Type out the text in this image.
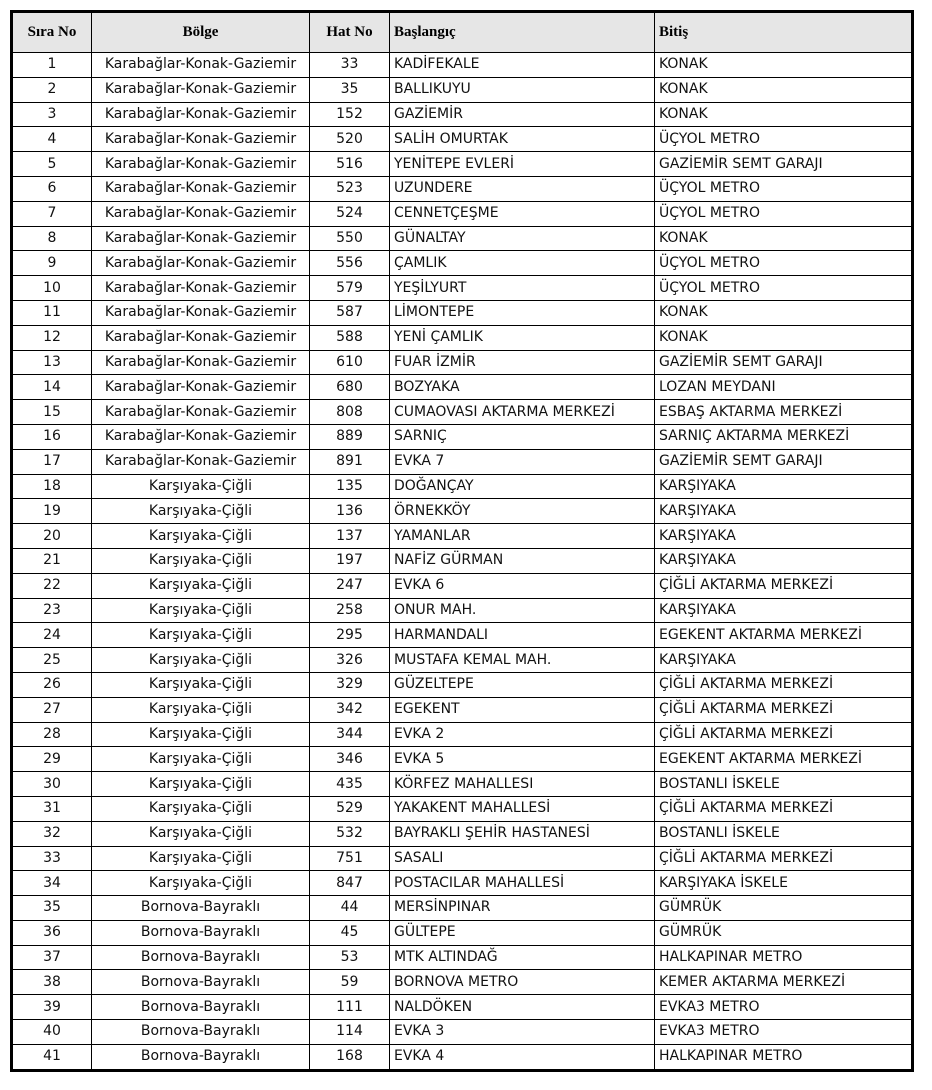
Sıra No	Bölge	Hat No	Başlangıç	Bitiş
1	Karabağlar-Konak-Gaziemir	33	KADİFEKALE	KONAK
2	Karabağlar-Konak-Gaziemir	35	BALLIKUYU	KONAK
3	Karabağlar-Konak-Gaziemir	152	GAZİEMİR	KONAK
4	Karabağlar-Konak-Gaziemir	520	SALİH OMURTAK	ÜÇYOL METRO
5	Karabağlar-Konak-Gaziemir	516	YENİTEPE EVLERİ	GAZİEMİR SEMT GARAJI
6	Karabağlar-Konak-Gaziemir	523	UZUNDERE	ÜÇYOL METRO
7	Karabağlar-Konak-Gaziemir	524	CENNETÇEŞME	ÜÇYOL METRO
8	Karabağlar-Konak-Gaziemir	550	GÜNALTAY	KONAK
9	Karabağlar-Konak-Gaziemir	556	ÇAMLIK	ÜÇYOL METRO
10	Karabağlar-Konak-Gaziemir	579	YEŞİLYURT	ÜÇYOL METRO
11	Karabağlar-Konak-Gaziemir	587	LİMONTEPE	KONAK
12	Karabağlar-Konak-Gaziemir	588	YENİ ÇAMLIK	KONAK
13	Karabağlar-Konak-Gaziemir	610	FUAR İZMİR	GAZİEMİR SEMT GARAJI
14	Karabağlar-Konak-Gaziemir	680	BOZYAKA	LOZAN MEYDANI
15	Karabağlar-Konak-Gaziemir	808	CUMAOVASI AKTARMA MERKEZİ	ESBAŞ AKTARMA MERKEZİ
16	Karabağlar-Konak-Gaziemir	889	SARNIÇ	SARNIÇ AKTARMA MERKEZİ
17	Karabağlar-Konak-Gaziemir	891	EVKA 7	GAZİEMİR SEMT GARAJI
18	Karşıyaka-Çiğli	135	DOĞANÇAY	KARŞIYAKA
19	Karşıyaka-Çiğli	136	ÖRNEKKÖY	KARŞIYAKA
20	Karşıyaka-Çiğli	137	YAMANLAR	KARŞIYAKA
21	Karşıyaka-Çiğli	197	NAFİZ GÜRMAN	KARŞIYAKA
22	Karşıyaka-Çiğli	247	EVKA 6	ÇİĞLİ AKTARMA MERKEZİ
23	Karşıyaka-Çiğli	258	ONUR MAH.	KARŞIYAKA
24	Karşıyaka-Çiğli	295	HARMANDALI	EGEKENT AKTARMA MERKEZİ
25	Karşıyaka-Çiğli	326	MUSTAFA KEMAL MAH.	KARŞIYAKA
26	Karşıyaka-Çiğli	329	GÜZELTEPE	ÇİĞLİ AKTARMA MERKEZİ
27	Karşıyaka-Çiğli	342	EGEKENT	ÇİĞLİ AKTARMA MERKEZİ
28	Karşıyaka-Çiğli	344	EVKA 2	ÇİĞLİ AKTARMA MERKEZİ
29	Karşıyaka-Çiğli	346	EVKA 5	EGEKENT AKTARMA MERKEZİ
30	Karşıyaka-Çiğli	435	KÖRFEZ MAHALLESI	BOSTANLI İSKELE
31	Karşıyaka-Çiğli	529	YAKAKENT MAHALLESİ	ÇİĞLİ AKTARMA MERKEZİ
32	Karşıyaka-Çiğli	532	BAYRAKLI ŞEHİR HASTANESİ	BOSTANLI İSKELE
33	Karşıyaka-Çiğli	751	SASALI	ÇİĞLİ AKTARMA MERKEZİ
34	Karşıyaka-Çiğli	847	POSTACILAR MAHALLESİ	KARŞIYAKA İSKELE
35	Bornova-Bayraklı	44	MERSİNPINAR	GÜMRÜK
36	Bornova-Bayraklı	45	GÜLTEPE	GÜMRÜK
37	Bornova-Bayraklı	53	MTK ALTINDAĞ	HALKAPINAR METRO
38	Bornova-Bayraklı	59	BORNOVA METRO	KEMER AKTARMA MERKEZİ
39	Bornova-Bayraklı	111	NALDÖKEN	EVKA3 METRO
40	Bornova-Bayraklı	114	EVKA 3	EVKA3 METRO
41	Bornova-Bayraklı	168	EVKA 4	HALKAPINAR METRO
